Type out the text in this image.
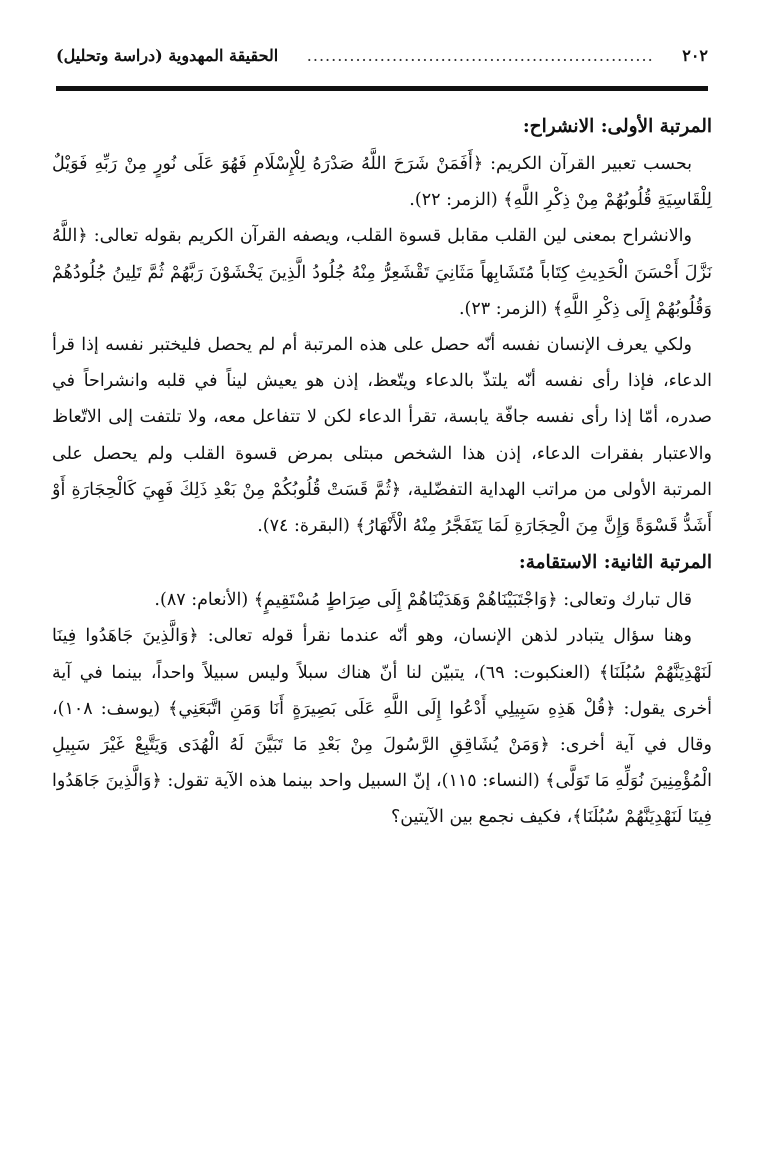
٢٠٢
.........................................................
الحقيقة المهدوية (دراسة وتحليل)
المرتبة الأولى: الانشراح:

بحسب تعبير القرآن الكريم: ﴿أَفَمَنْ شَرَحَ اللَّهُ صَدْرَهُ لِلْإِسْلَامِ فَهُوَ عَلَى نُورٍ مِنْ رَبِّهِ فَوَيْلٌ لِلْقَاسِيَةِ قُلُوبُهُمْ مِنْ ذِكْرِ اللَّهِ﴾ (الزمر: ٢٢).

والانشراح بمعنى لين القلب مقابل قسوة القلب، ويصفه القرآن الكريم بقوله تعالى: ﴿اللَّهُ نَزَّلَ أَحْسَنَ الْحَدِيثِ كِتَاباً مُتَشَابِهاً مَثَانِيَ تَقْشَعِرُّ مِنْهُ جُلُودُ الَّذِينَ يَخْشَوْنَ رَبَّهُمْ ثُمَّ تَلِينُ جُلُودُهُمْ وَقُلُوبُهُمْ إِلَى ذِكْرِ اللَّهِ﴾ (الزمر: ٢٣).

ولكي يعرف الإنسان نفسه أنّه حصل على هذه المرتبة أم لم يحصل فليختبر نفسه إذا قرأ الدعاء، فإذا رأى نفسه أنّه يلتذّ بالدعاء ويتّعظ، إذن هو يعيش ليناً في قلبه وانشراحاً في صدره، أمّا إذا رأى نفسه جافّة يابسة، تقرأ الدعاء لكن لا تتفاعل معه، ولا تلتفت إلى الاتّعاظ والاعتبار بفقرات الدعاء، إذن هذا الشخص مبتلى بمرض قسوة القلب ولم يحصل على المرتبة الأولى من مراتب الهداية التفضّلية، ﴿ثُمَّ قَسَتْ قُلُوبُكُمْ مِنْ بَعْدِ ذَلِكَ فَهِيَ كَالْحِجَارَةِ أَوْ أَشَدُّ قَسْوَةً وَإِنَّ مِنَ الْحِجَارَةِ لَمَا يَتَفَجَّرُ مِنْهُ الْأَنْهَارُ﴾ (البقرة: ٧٤).

المرتبة الثانية: الاستقامة:

قال تبارك وتعالى: ﴿وَاجْتَبَيْنَاهُمْ وَهَدَيْنَاهُمْ إِلَى صِرَاطٍ مُسْتَقِيمٍ﴾ (الأنعام: ٨٧).

وهنا سؤال يتبادر لذهن الإنسان، وهو أنّه عندما نقرأ قوله تعالى: ﴿وَالَّذِينَ جَاهَدُوا فِينَا لَنَهْدِيَنَّهُمْ سُبُلَنَا﴾ (العنكبوت: ٦٩)، يتبيّن لنا أنّ هناك سبلاً وليس سبيلاً واحداً، بينما في آية أخرى يقول: ﴿قُلْ هَذِهِ سَبِيلِي أَدْعُوا إِلَى اللَّهِ عَلَى بَصِيرَةٍ أَنَا وَمَنِ اتَّبَعَنِي﴾ (يوسف: ١٠٨)، وقال في آية أخرى: ﴿وَمَنْ يُشَاقِقِ الرَّسُولَ مِنْ بَعْدِ مَا تَبَيَّنَ لَهُ الْهُدَى وَيَتَّبِعْ غَيْرَ سَبِيلِ الْمُؤْمِنِينَ نُوَلِّهِ مَا تَوَلَّى﴾ (النساء: ١١٥)، إنّ السبيل واحد بينما هذه الآية تقول: ﴿وَالَّذِينَ جَاهَدُوا فِينَا لَنَهْدِيَنَّهُمْ سُبُلَنَا﴾، فكيف نجمع بين الآيتين؟
